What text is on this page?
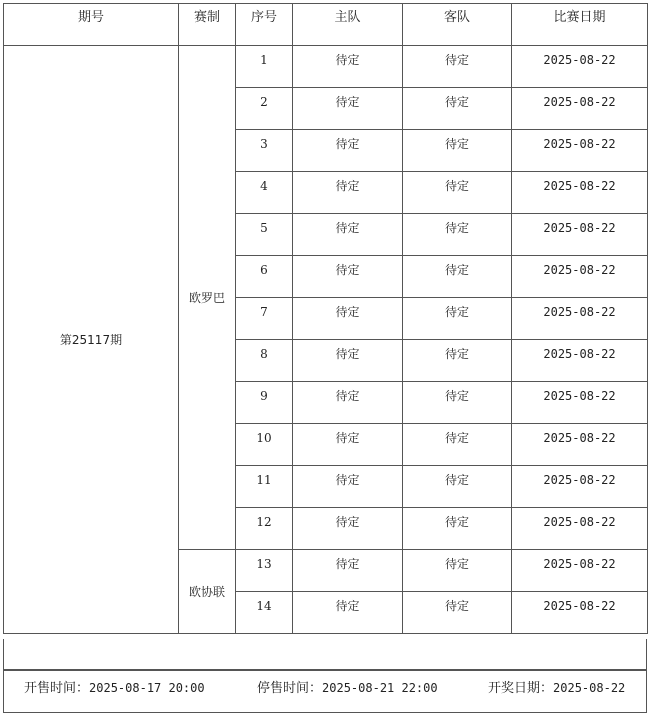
期号	赛制	序号	主队	客队	比赛日期
第25117期	欧罗巴	1	待定	待定	2025-08-22
		2	待定	待定	2025-08-22
		3	待定	待定	2025-08-22
		4	待定	待定	2025-08-22
		5	待定	待定	2025-08-22
		6	待定	待定	2025-08-22
		7	待定	待定	2025-08-22
		8	待定	待定	2025-08-22
		9	待定	待定	2025-08-22
		10	待定	待定	2025-08-22
		11	待定	待定	2025-08-22
		12	待定	待定	2025-08-22
	欧协联	13	待定	待定	2025-08-22
		14	待定	待定	2025-08-22
开售时间：2025-08-17 20:00	停售时间：2025-08-21 22:00	开奖日期：2025-08-22
